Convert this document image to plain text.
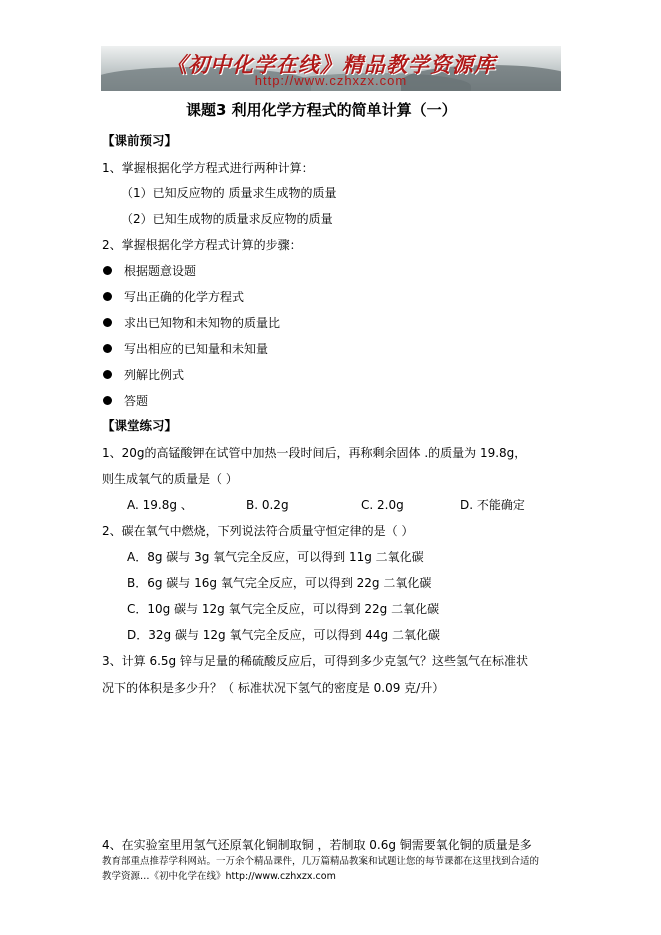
《初中化学在线》精品教学资源库
http://www.czhxzx.com
课题3 利用化学方程式的简单计算（一）
【课前预习】
1、掌握根据化学方程式进行两种计算：
（1）已知反应物的 质量求生成物的质量
（2）已知生成物的质量求反应物的质量
2、掌握根据化学方程式计算的步骤：
根据题意设题
写出正确的化学方程式
求出已知物和未知物的质量比
写出相应的已知量和未知量
列解比例式
答题
【课堂练习】
1、20g的高锰酸钾在试管中加热一段时间后，再称剩余固体 .的质量为 19.8g，
则生成氧气的质量是（ ）
A. 19.8g 、	B. 0.2g	C. 2.0g	D. 不能确定
2、碳在氧气中燃烧，下列说法符合质量守恒定律的是（ ）
A．8g 碳与 3g 氧气完全反应，可以得到 11g 二氧化碳
B．6g 碳与 16g 氧气完全反应，可以得到 22g 二氧化碳
C．10g 碳与 12g 氧气完全反应，可以得到 22g 二氧化碳
D．32g 碳与 12g 氧气完全反应，可以得到 44g 二氧化碳
3、计算 6.5g 锌与足量的稀硫酸反应后，可得到多少克氢气？这些氢气在标准状
况下的体积是多少升？（ 标准状况下氢气的密度是 0.09 克/升）
4、在实验室里用氢气还原氧化铜制取铜 ，若制取 0.6g 铜需要氧化铜的质量是多
教育部重点推荐学科网站。一万余个精品课件，几万篇精品教案和试题让您的每节课都在这里找到合适的
教学资源…《初中化学在线》http://www.czhxzx.com
